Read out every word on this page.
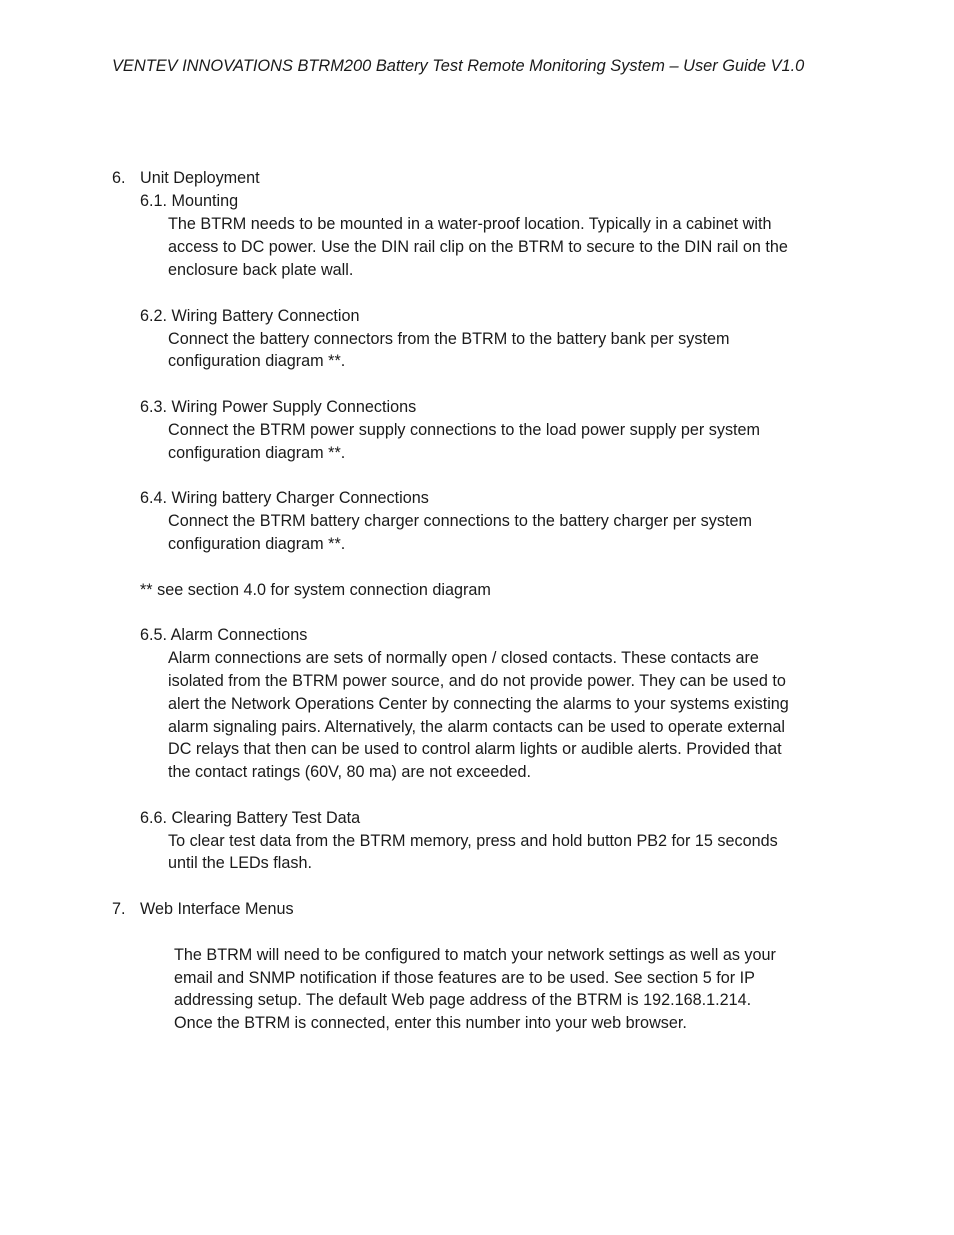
VENTEV INNOVATIONS BTRM200 Battery Test Remote Monitoring System – User Guide V1.0

6. Unit Deployment

6.1. Mounting

The BTRM needs to be mounted in a water-proof location. Typically in a cabinet with

access to DC power. Use the DIN rail clip on the BTRM to secure to the DIN rail on the

enclosure back plate wall.

6.2. Wiring Battery Connection

Connect the battery connectors from the BTRM to the battery bank per system

configuration diagram **.

6.3. Wiring Power Supply Connections

Connect the BTRM power supply connections to the load power supply per system

configuration diagram **.

6.4. Wiring battery Charger Connections

Connect the BTRM battery charger connections to the battery charger per system

configuration diagram **.

** see section 4.0 for system connection diagram

6.5. Alarm Connections

Alarm connections are sets of normally open / closed contacts. These contacts are

isolated from the BTRM power source, and do not provide power. They can be used to

alert the Network Operations Center by connecting the alarms to your systems existing

alarm signaling pairs. Alternatively, the alarm contacts can be used to operate external

DC relays that then can be used to control alarm lights or audible alerts. Provided that

the contact ratings (60V, 80 ma) are not exceeded.

6.6. Clearing Battery Test Data

To clear test data from the BTRM memory, press and hold button PB2 for 15 seconds

until the LEDs flash.

7. Web Interface Menus

The BTRM will need to be configured to match your network settings as well as your

email and SNMP notification if those features are to be used. See section 5 for IP

addressing setup. The default Web page address of the BTRM is 192.168.1.214.

Once the BTRM is connected, enter this number into your web browser.
